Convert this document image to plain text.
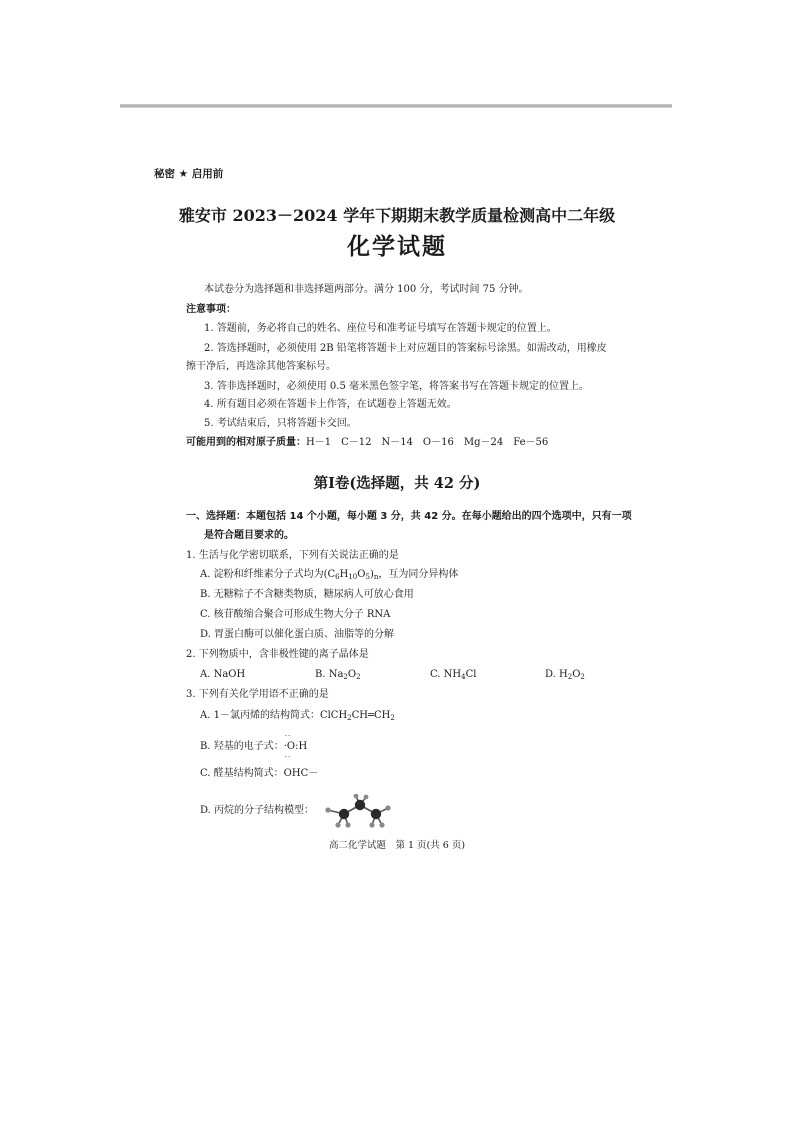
秘密 ★ 启用前
雅安市 2023－2024 学年下期期末教学质量检测高中二年级
化学试题
本试卷分为选择题和非选择题两部分。满分 100 分，考试时间 75 分钟。
注意事项：
1. 答题前，务必将自己的姓名、座位号和准考证号填写在答题卡规定的位置上。
2. 答选择题时，必须使用 2B 铅笔将答题卡上对应题目的答案标号涂黑。如需改动，用橡皮
擦干净后，再选涂其他答案标号。
3. 答非选择题时，必须使用 0.5 毫米黑色签字笔，将答案书写在答题卡规定的位置上。
4. 所有题目必须在答题卡上作答，在试题卷上答题无效。
5. 考试结束后，只将答题卡交回。
可能用到的相对原子质量：H－1　C－12　N－14　O－16　Mg－24　Fe－56
第Ⅰ卷(选择题，共 42 分)
一、选择题：本题包括 14 个小题，每小题 3 分，共 42 分。在每小题给出的四个选项中，只有一项
是符合题目要求的。
1. 生活与化学密切联系，下列有关说法正确的是
A. 淀粉和纤维素分子式均为$(C_6H_{10}O_5)_n$，互为同分异构体
B. 无糖粽子不含糖类物质，糖尿病人可放心食用
C. 核苷酸缩合聚合可形成生物大分子 RNA
D. 胃蛋白酶可以催化蛋白质、油脂等的分解
2. 下列物质中，含非极性键的离子晶体是
A. NaOH	B. $Na_2O_2$	C. $NH_4Cl$	D. $H_2O_2$
3. 下列有关化学用语不正确的是
A. 1－氯丙烯的结构简式：$ClCH_2CH═CH_2$
B. 羟基的电子式：
··
·O
··
:H
C. 醛基结构简式：OHC－
D. 丙烷的分子结构模型：
高二化学试题　第 1 页(共 6 页)
